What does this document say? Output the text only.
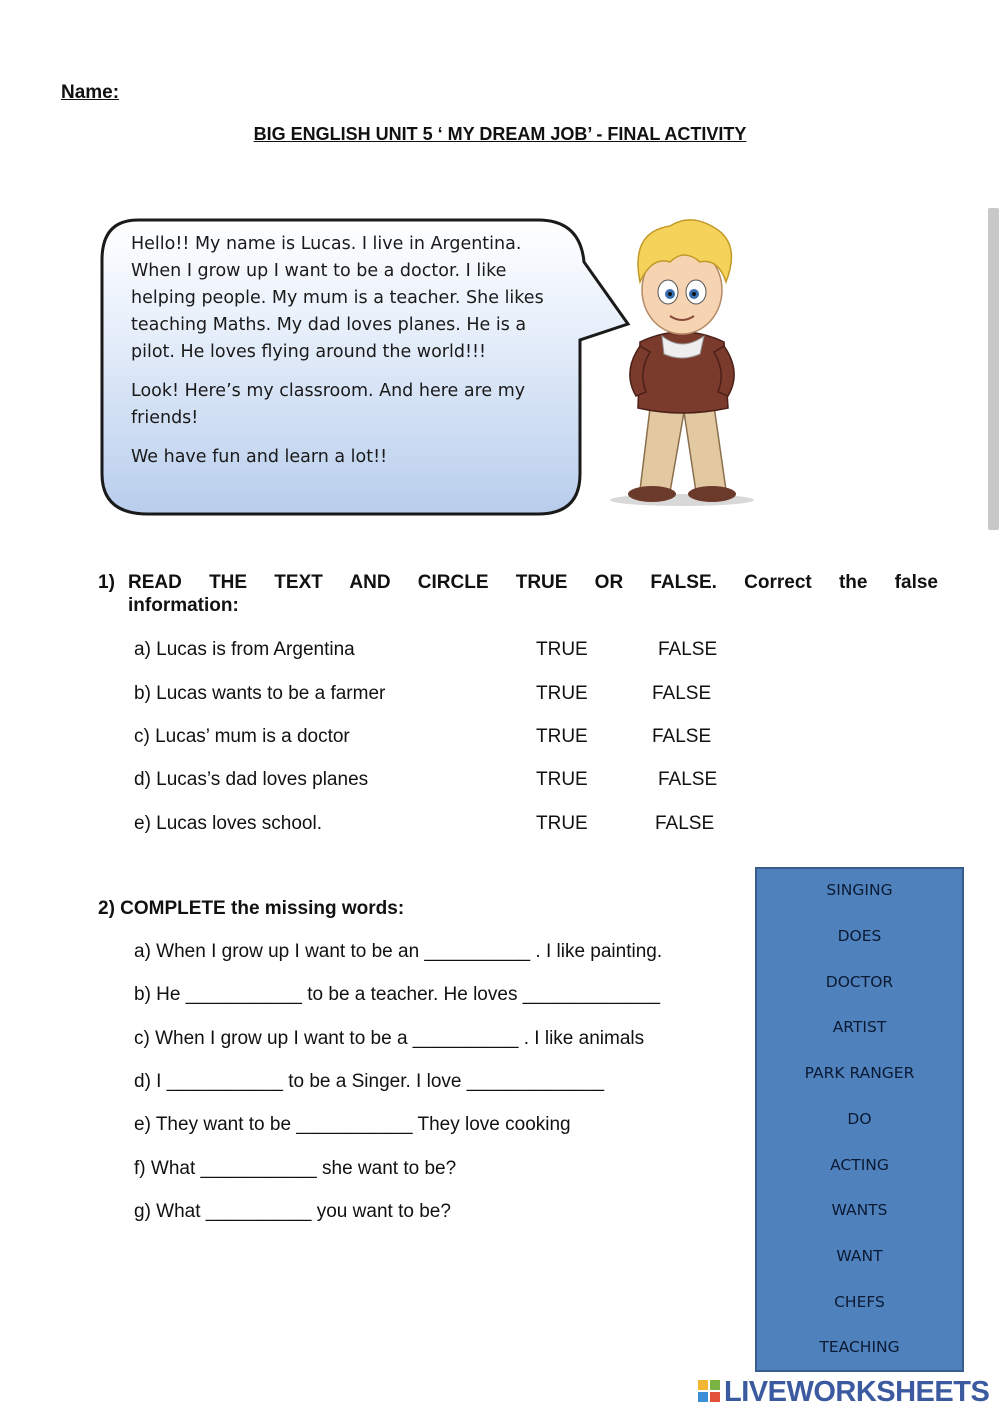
Name:
BIG ENGLISH UNIT 5 ‘ MY DREAM JOB’ - FINAL ACTIVITY

Hello!! My name is Lucas. I live in Argentina. When I grow up I want to be a doctor. I like helping people. My mum is a teacher. She likes teaching Maths. My dad loves planes. He is a pilot. He loves flying around the world!!!

Look! Here’s my classroom. And here are my friends!

We have fun and learn a lot!!

1) READ THE TEXT AND CIRCLE TRUE OR FALSE. Correct the false
information:
a) Lucas is from Argentina	TRUE	FALSE
b) Lucas wants to be a farmer	TRUE	FALSE
c) Lucas’ mum is a doctor	TRUE	FALSE
d) Lucas’s dad loves planes	TRUE	FALSE
e) Lucas loves school.	TRUE	FALSE
2) COMPLETE the missing words:
a) When I grow up I want to be an __________ . I like painting.
b) He ___________ to be a teacher. He loves _____________
c) When I grow up I want to be a __________ . I like animals
d) I ___________ to be a Singer. I love _____________
e) They want to be ___________ They love cooking
f) What ___________ she want to be?
g) What __________ you want to be?
SINGING
DOES
DOCTOR
ARTIST
PARK RANGER
DO
ACTING
WANTS
WANT
CHEFS
TEACHING
LIVEWORKSHEETS
